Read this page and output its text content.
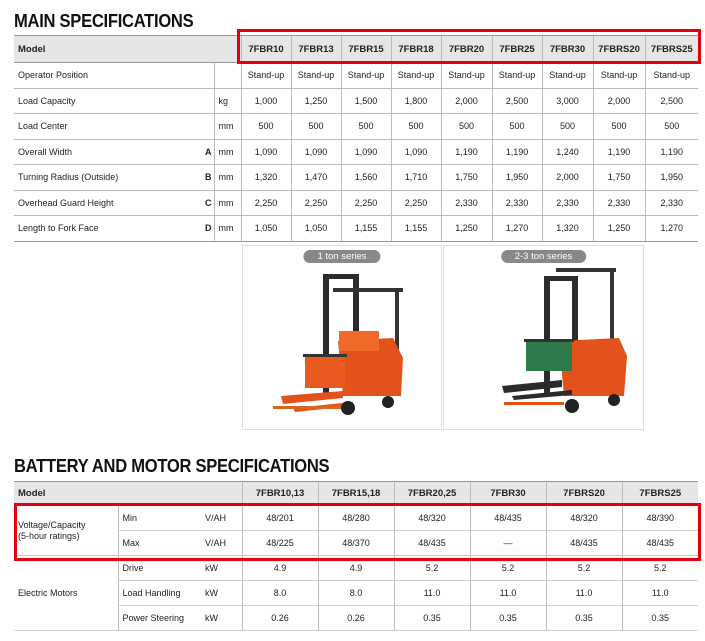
MAIN SPECIFICATIONS
Model			7FBR10	7FBR13	7FBR15	7FBR18	7FBR20	7FBR25	7FBR30	7FBRS20	7FBRS25
Operator Position			Stand-up	Stand-up	Stand-up	Stand-up	Stand-up	Stand-up	Stand-up	Stand-up	Stand-up
Load Capacity		kg	1,000	1,250	1,500	1,800	2,000	2,500	3,000	2,000	2,500
Load Center		mm	500	500	500	500	500	500	500	500	500
Overall Width	A	mm	1,090	1,090	1,090	1,090	1,190	1,190	1,240	1,190	1,190
Turning Radius (Outside)	B	mm	1,320	1,470	1,560	1,710	1,750	1,950	2,000	1,750	1,950
Overhead Guard Height	C	mm	2,250	2,250	2,250	2,250	2,330	2,330	2,330	2,330	2,330
Length to Fork Face	D	mm	1,050	1,050	1,155	1,155	1,250	1,270	1,320	1,250	1,270
1 ton series	2-3 ton series
BATTERY AND MOTOR SPECIFICATIONS
Model			7FBR10,13	7FBR15,18	7FBR20,25	7FBR30	7FBRS20	7FBRS25

Voltage/Capacity
(5-hour ratings)	Min	V/AH	48/201	48/280	48/320	48/435	48/320	48/390
	Max	V/AH	48/225	48/370	48/435	—	48/435	48/435
Electric Motors	Drive	kW	4.9	4.9	5.2	5.2	5.2	5.2
	Load Handling	kW	8.0	8.0	11.0	11.0	11.0	11.0
	Power Steering	kW	0.26	0.26	0.35	0.35	0.35	0.35
